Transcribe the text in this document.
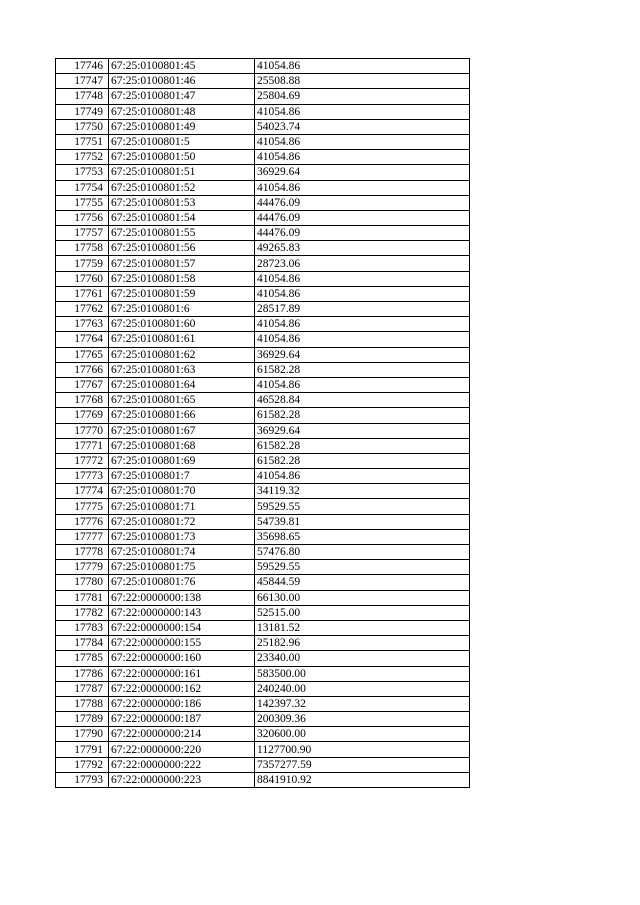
17746	67:25:0100801:45	41054.86
17747	67:25:0100801:46	25508.88
17748	67:25:0100801:47	25804.69
17749	67:25:0100801:48	41054.86
17750	67:25:0100801:49	54023.74
17751	67:25:0100801:5	41054.86
17752	67:25:0100801:50	41054.86
17753	67:25:0100801:51	36929.64
17754	67:25:0100801:52	41054.86
17755	67:25:0100801:53	44476.09
17756	67:25:0100801:54	44476.09
17757	67:25:0100801:55	44476.09
17758	67:25:0100801:56	49265.83
17759	67:25:0100801:57	28723.06
17760	67:25:0100801:58	41054.86
17761	67:25:0100801:59	41054.86
17762	67:25:0100801:6	28517.89
17763	67:25:0100801:60	41054.86
17764	67:25:0100801:61	41054.86
17765	67:25:0100801:62	36929.64
17766	67:25:0100801:63	61582.28
17767	67:25:0100801:64	41054.86
17768	67:25:0100801:65	46528.84
17769	67:25:0100801:66	61582.28
17770	67:25:0100801:67	36929.64
17771	67:25:0100801:68	61582.28
17772	67:25:0100801:69	61582.28
17773	67:25:0100801:7	41054.86
17774	67:25:0100801:70	34119.32
17775	67:25:0100801:71	59529.55
17776	67:25:0100801:72	54739.81
17777	67:25:0100801:73	35698.65
17778	67:25:0100801:74	57476.80
17779	67:25:0100801:75	59529.55
17780	67:25:0100801:76	45844.59
17781	67:22:0000000:138	66130.00
17782	67:22:0000000:143	52515.00
17783	67:22:0000000:154	13181.52
17784	67:22:0000000:155	25182.96
17785	67:22:0000000:160	23340.00
17786	67:22:0000000:161	583500.00
17787	67:22:0000000:162	240240.00
17788	67:22:0000000:186	142397.32
17789	67:22:0000000:187	200309.36
17790	67:22:0000000:214	320600.00
17791	67:22:0000000:220	1127700.90
17792	67:22:0000000:222	7357277.59
17793	67:22:0000000:223	8841910.92
